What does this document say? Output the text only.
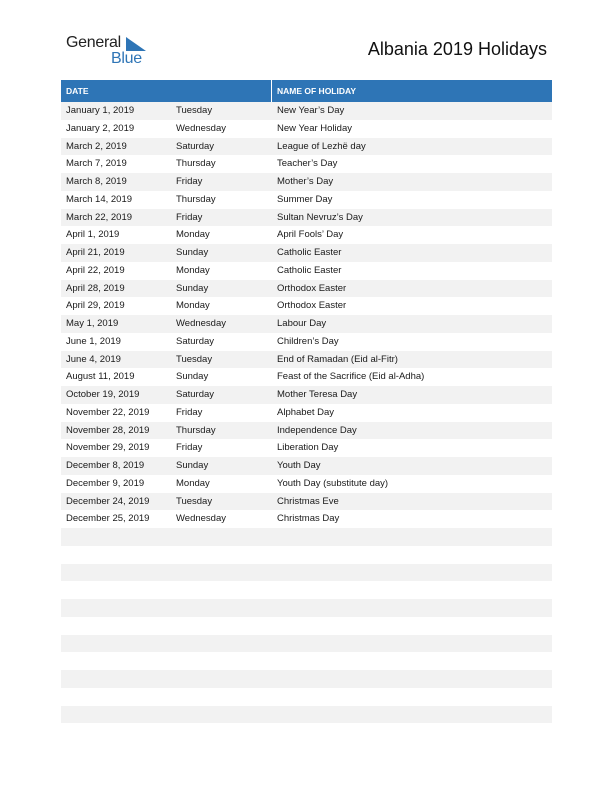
General
Blue	Albania 2019 Holidays
DATE	NAME OF HOLIDAY
January 1, 2019	Tuesday	New Year’s Day
January 2, 2019	Wednesday	New Year Holiday
March 2, 2019	Saturday	League of Lezhë day
March 7, 2019	Thursday	Teacher’s Day
March 8, 2019	Friday	Mother’s Day
March 14, 2019	Thursday	Summer Day
March 22, 2019	Friday	Sultan Nevruz’s Day
April 1, 2019	Monday	April Fools’ Day
April 21, 2019	Sunday	Catholic Easter
April 22, 2019	Monday	Catholic Easter
April 28, 2019	Sunday	Orthodox Easter
April 29, 2019	Monday	Orthodox Easter
May 1, 2019	Wednesday	Labour Day
June 1, 2019	Saturday	Children’s Day
June 4, 2019	Tuesday	End of Ramadan (Eid al-Fitr)
August 11, 2019	Sunday	Feast of the Sacrifice (Eid al-Adha)
October 19, 2019	Saturday	Mother Teresa Day
November 22, 2019	Friday	Alphabet Day
November 28, 2019	Thursday	Independence Day
November 29, 2019	Friday	Liberation Day
December 8, 2019	Sunday	Youth Day
December 9, 2019	Monday	Youth Day (substitute day)
December 24, 2019	Tuesday	Christmas Eve
December 25, 2019	Wednesday	Christmas Day
